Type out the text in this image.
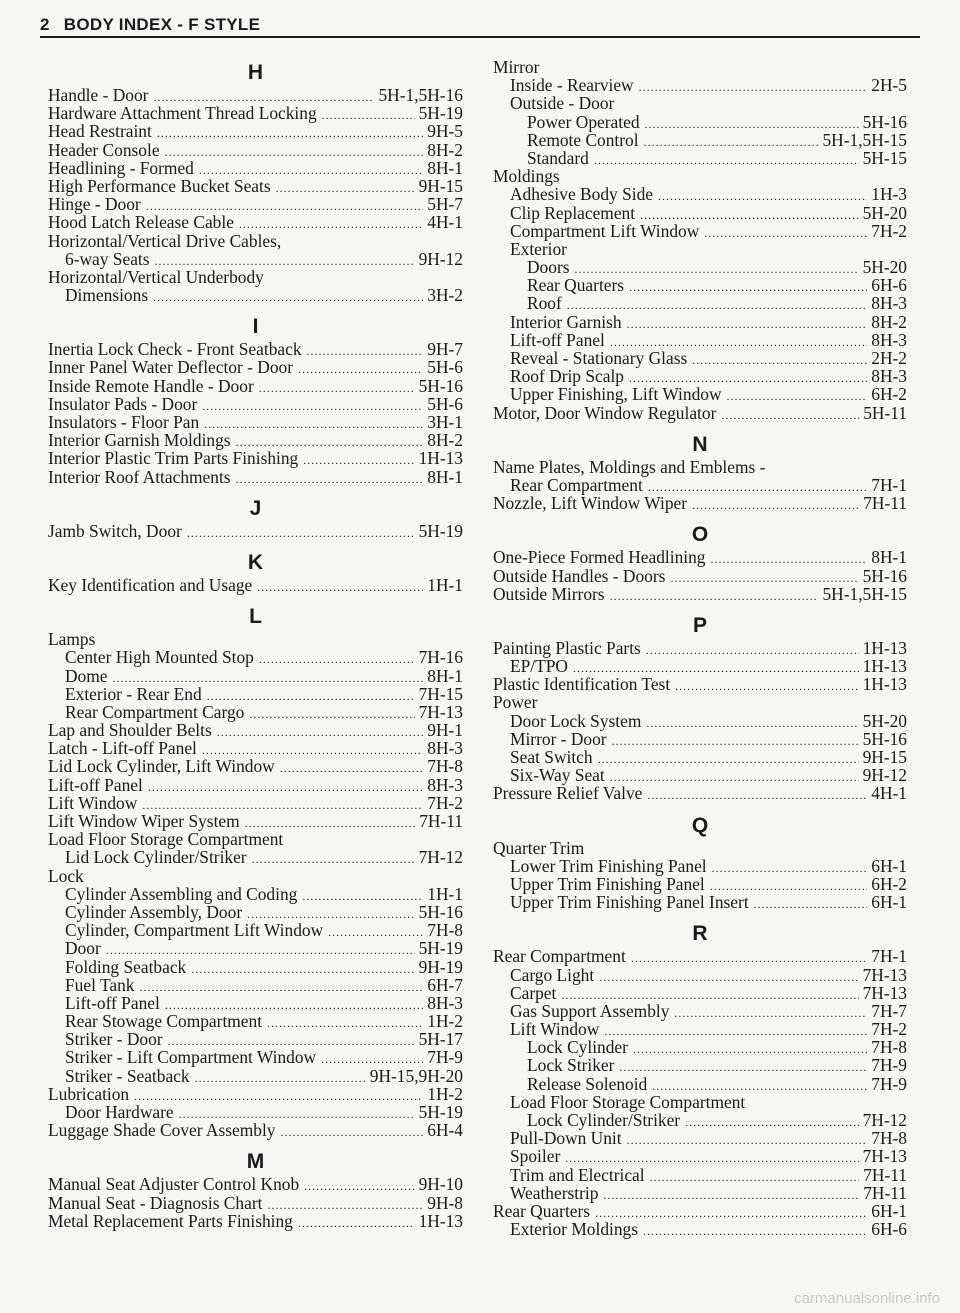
2 BODY INDEX - F STYLE
H
Handle - Door .....	5H-1,5H-16
Hardware Attachment Thread Locking .....	5H-19
Head Restraint .....	9H-5
Header Console .....	8H-2
Headlining - Formed .....	8H-1
High Performance Bucket Seats .....	9H-15
Hinge - Door .....	5H-7
Hood Latch Release Cable .....	4H-1
Horizontal/Vertical Drive Cables,
6-way Seats .....	9H-12
Horizontal/Vertical Underbody
Dimensions .....	3H-2
I
Inertia Lock Check - Front Seatback .....	9H-7
Inner Panel Water Deflector - Door .....	5H-6
Inside Remote Handle - Door .....	5H-16
Insulator Pads - Door .....	5H-6
Insulators - Floor Pan .....	3H-1
Interior Garnish Moldings .....	8H-2
Interior Plastic Trim Parts Finishing .....	1H-13
Interior Roof Attachments .....	8H-1
J
Jamb Switch, Door .....	5H-19
K
Key Identification and Usage .....	1H-1
L
Lamps
Center High Mounted Stop .....	7H-16
Dome .....	8H-1
Exterior - Rear End .....	7H-15
Rear Compartment Cargo .....	7H-13
Lap and Shoulder Belts .....	9H-1
Latch - Lift-off Panel .....	8H-3
Lid Lock Cylinder, Lift Window .....	7H-8
Lift-off Panel .....	8H-3
Lift Window .....	7H-2
Lift Window Wiper System .....	7H-11
Load Floor Storage Compartment
Lid Lock Cylinder/Striker .....	7H-12
Lock
Cylinder Assembling and Coding .....	1H-1
Cylinder Assembly, Door .....	5H-16
Cylinder, Compartment Lift Window .....	7H-8
Door .....	5H-19
Folding Seatback .....	9H-19
Fuel Tank .....	6H-7
Lift-off Panel .....	8H-3
Rear Stowage Compartment .....	1H-2
Striker - Door .....	5H-17
Striker - Lift Compartment Window .....	7H-9
Striker - Seatback .....	9H-15,9H-20
Lubrication .....	1H-2
Door Hardware .....	5H-19
Luggage Shade Cover Assembly .....	6H-4
M
Manual Seat Adjuster Control Knob .....	9H-10
Manual Seat - Diagnosis Chart .....	9H-8
Metal Replacement Parts Finishing .....	1H-13
Mirror
Inside - Rearview .....	2H-5
Outside - Door
Power Operated .....	5H-16
Remote Control .....	5H-1,5H-15
Standard .....	5H-15
Moldings
Adhesive Body Side .....	1H-3
Clip Replacement .....	5H-20
Compartment Lift Window .....	7H-2
Exterior
Doors .....	5H-20
Rear Quarters .....	6H-6
Roof .....	8H-3
Interior Garnish .....	8H-2
Lift-off Panel .....	8H-3
Reveal - Stationary Glass .....	2H-2
Roof Drip Scalp .....	8H-3
Upper Finishing, Lift Window .....	6H-2
Motor, Door Window Regulator .....	5H-11
N
Name Plates, Moldings and Emblems -
Rear Compartment .....	7H-1
Nozzle, Lift Window Wiper .....	7H-11
O
One-Piece Formed Headlining .....	8H-1
Outside Handles - Doors .....	5H-16
Outside Mirrors .....	5H-1,5H-15
P
Painting Plastic Parts .....	1H-13
EP/TPO .....	1H-13
Plastic Identification Test .....	1H-13
Power
Door Lock System .....	5H-20
Mirror - Door .....	5H-16
Seat Switch .....	9H-15
Six-Way Seat .....	9H-12
Pressure Relief Valve .....	4H-1
Q
Quarter Trim
Lower Trim Finishing Panel .....	6H-1
Upper Trim Finishing Panel .....	6H-2
Upper Trim Finishing Panel Insert .....	6H-1
R
Rear Compartment .....	7H-1
Cargo Light .....	7H-13
Carpet .....	7H-13
Gas Support Assembly .....	7H-7
Lift Window .....	7H-2
Lock Cylinder .....	7H-8
Lock Striker .....	7H-9
Release Solenoid .....	7H-9
Load Floor Storage Compartment
Lock Cylinder/Striker .....	7H-12
Pull-Down Unit .....	7H-8
Spoiler .....	7H-13
Trim and Electrical .....	7H-11
Weatherstrip .....	7H-11
Rear Quarters .....	6H-1
Exterior Moldings .....	6H-6
carmanualsonline.info
